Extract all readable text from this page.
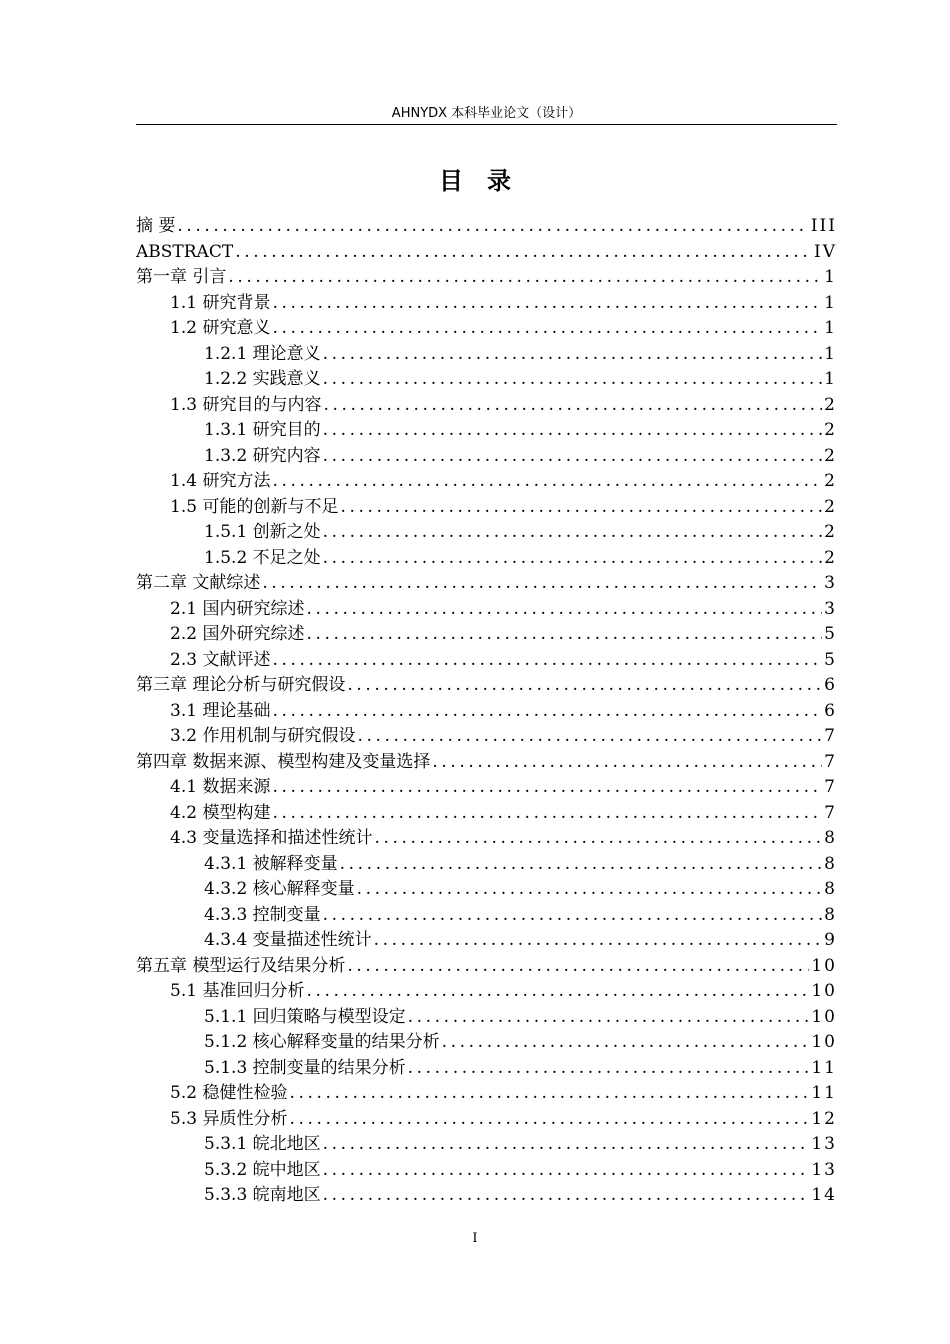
AHNYDX 本科毕业论文（设计）
目录
摘 要 .....	III
ABSTRACT .....	IV
第一章 引言 .....	1
1.1 研究背景 .....	1
1.2 研究意义 .....	1
1.2.1 理论意义 .....	1
1.2.2 实践意义 .....	1
1.3 研究目的与内容 .....	2
1.3.1 研究目的 .....	2
1.3.2 研究内容 .....	2
1.4 研究方法 .....	2
1.5 可能的创新与不足 .....	2
1.5.1 创新之处 .....	2
1.5.2 不足之处 .....	2
第二章 文献综述 .....	3
2.1 国内研究综述 .....	3
2.2 国外研究综述 .....	5
2.3 文献评述 .....	5
第三章 理论分析与研究假设 .....	6
3.1 理论基础 .....	6
3.2 作用机制与研究假设 .....	7
第四章 数据来源、模型构建及变量选择 .....	7
4.1 数据来源 .....	7
4.2 模型构建 .....	7
4.3 变量选择和描述性统计 .....	8
4.3.1 被解释变量 .....	8
4.3.2 核心解释变量 .....	8
4.3.3 控制变量 .....	8
4.3.4 变量描述性统计 .....	9
第五章 模型运行及结果分析 .....	10
5.1 基准回归分析 .....	10
5.1.1 回归策略与模型设定 .....	10
5.1.2 核心解释变量的结果分析 .....	10
5.1.3 控制变量的结果分析 .....	11
5.2 稳健性检验 .....	11
5.3 异质性分析 .....	12
5.3.1 皖北地区 .....	13
5.3.2 皖中地区 .....	13
5.3.3 皖南地区 .....	14
I
